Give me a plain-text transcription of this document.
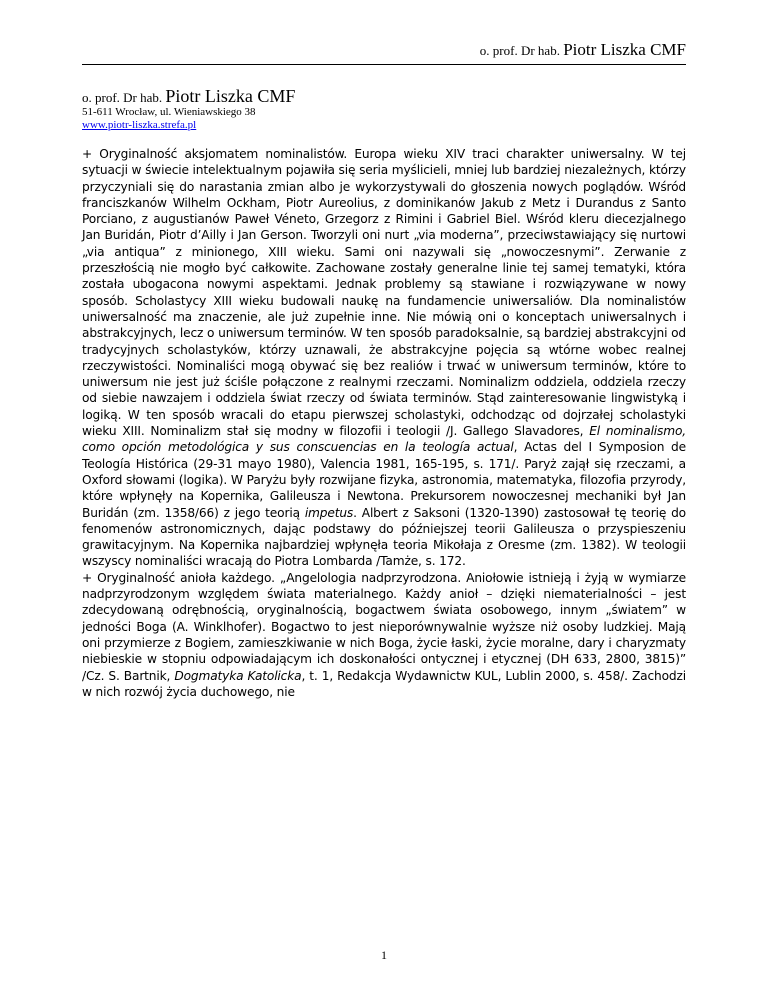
o. prof. Dr hab. Piotr Liszka CMF
o. prof. Dr hab. Piotr Liszka CMF
51-611 Wrocław, ul. Wieniawskiego 38
www.piotr-liszka.strefa.pl

+ Oryginalność aksjomatem nominalistów. Europa wieku XIV traci charakter uniwersalny. W tej sytuacji w świecie intelektualnym pojawiła się seria myślicieli, mniej lub bardziej niezależnych, którzy przyczyniali się do narastania zmian albo je wykorzystywali do głoszenia nowych poglądów. Wśród franciszkanów Wilhelm Ockham, Piotr Aureolius, z dominikanów Jakub z Metz i Durandus z Santo Porciano, z augustianów Paweł Véneto, Grzegorz z Rimini i Gabriel Biel. Wśród kleru diecezjalnego Jan Buridán, Piotr d’Ailly i Jan Gerson. Tworzyli oni nurt „via moderna”, przeciwstawiający się nurtowi „via antiqua” z minionego, XIII wieku. Sami oni nazywali się „nowoczesnymi”. Zerwanie z przeszłością nie mogło być całkowite. Zachowane zostały generalne linie tej samej tematyki, która została ubogacona nowymi aspektami. Jednak problemy są stawiane i rozwiązywane w nowy sposób. Scholastycy XIII wieku budowali naukę na fundamencie uniwersaliów. Dla nominalistów uniwersalność ma znaczenie, ale już zupełnie inne. Nie mówią oni o konceptach uniwersalnych i abstrakcyjnych, lecz o uniwersum terminów. W ten sposób paradoksalnie, są bardziej abstrakcyjni od tradycyjnych scholastyków, którzy uznawali, że abstrakcyjne pojęcia są wtórne wobec realnej rzeczywistości. Nominaliści mogą obywać się bez realiów i trwać w uniwersum terminów, które to uniwersum nie jest już ściśle połączone z realnymi rzeczami. Nominalizm oddziela, oddziela rzeczy od siebie nawzajem i oddziela świat rzeczy od świata terminów. Stąd zainteresowanie lingwistyką i logiką. W ten sposób wracali do etapu pierwszej scholastyki, odchodząc od dojrzałej scholastyki wieku XIII. Nominalizm stał się modny w filozofii i teologii /J. Gallego Slavadores, El nominalismo, como opción metodológica y sus conscuencias en la teología actual, Actas del I Symposion de Teología Histórica (29-31 mayo 1980), Valencia 1981, 165-195, s. 171/. Paryż zajął się rzeczami, a Oxford słowami (logika). W Paryżu były rozwijane fizyka, astronomia, matematyka, filozofia przyrody, które wpłynęły na Kopernika, Galileusza i Newtona. Prekursorem nowoczesnej mechaniki był Jan Buridán (zm. 1358/66) z jego teorią impetus. Albert z Saksoni (1320-1390) zastosował tę teorię do fenomenów astronomicznych, dając podstawy do późniejszej teorii Galileusza o przyspieszeniu grawitacyjnym. Na Kopernika najbardziej wpłynęła teoria Mikołaja z Oresme (zm. 1382). W teologii wszyscy nominaliści wracają do Piotra Lombarda /Tamże, s. 172.

+ Oryginalność anioła każdego. „Angelologia nadprzyrodzona. Aniołowie istnieją i żyją w wymiarze nadprzyrodzonym względem świata materialnego. Każdy anioł – dzięki niematerialności – jest zdecydowaną odrębnością, oryginalnością, bogactwem świata osobowego, innym „światem” w jedności Boga (A. Winklhofer). Bogactwo to jest nieporównywalnie wyższe niż osoby ludzkiej. Mają oni przymierze z Bogiem, zamieszkiwanie w nich Boga, życie łaski, życie moralne, dary i charyzmaty niebieskie w stopniu odpowiadającym ich doskonałości ontycznej i etycznej (DH 633, 2800, 3815)” /Cz. S. Bartnik, Dogmatyka Katolicka, t. 1, Redakcja Wydawnictw KUL, Lublin 2000, s. 458/. Zachodzi w nich rozwój życia duchowego, nie

1
